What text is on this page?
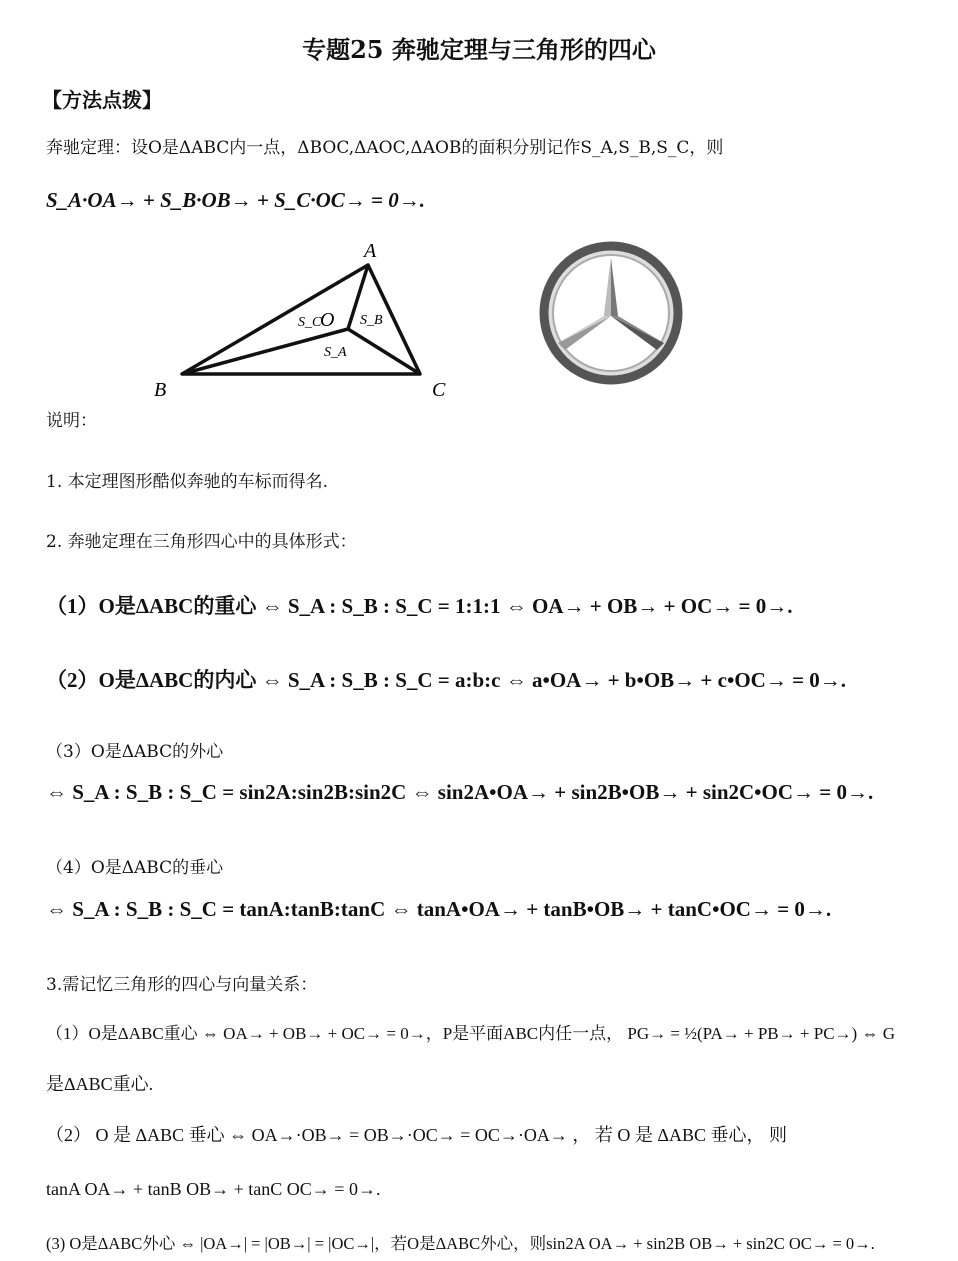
专题25 奔驰定理与三角形的四心
【方法点拨】
奔驰定理：设O是ΔABC内一点，ΔBOC,ΔAOC,ΔAOB的面积分别记作S_A,S_B,S_C，则
S_A·OA→ + S_B·OB→ + S_C·OC→ = 0→.
A
B	C
O
S_C	S_B
S_A
说明：
1. 本定理图形酷似奔驰的车标而得名.
2. 奔驰定理在三角形四心中的具体形式：
（1）O是ΔABC的重心 ⇔ S_A : S_B : S_C = 1:1:1 ⇔ OA→ + OB→ + OC→ = 0→.
（2）O是ΔABC的内心 ⇔ S_A : S_B : S_C = a:b:c ⇔ a•OA→ + b•OB→ + c•OC→ = 0→.
（3）O是ΔABC的外心
⇔ S_A : S_B : S_C = sin2A:sin2B:sin2C ⇔ sin2A•OA→ + sin2B•OB→ + sin2C•OC→ = 0→.
（4）O是ΔABC的垂心
⇔ S_A : S_B : S_C = tanA:tanB:tanC ⇔ tanA•OA→ + tanB•OB→ + tanC•OC→ = 0→.
3.需记忆三角形的四心与向量关系：
（1）O是ΔABC重心 ⇔ OA→ + OB→ + OC→ = 0→，P是平面ABC内任一点， PG→ = ½(PA→ + PB→ + PC→) ⇔ G
是ΔABC重心.
（2） O 是 ΔABC 垂心 ⇔ OA→·OB→ = OB→·OC→ = OC→·OA→ ， 若 O 是 ΔABC 垂心， 则
tanA OA→ + tanB OB→ + tanC OC→ = 0→.
(3) O是ΔABC外心 ⇔ |OA→| = |OB→| = |OC→|，若O是ΔABC外心，则sin2A OA→ + sin2B OB→ + sin2C OC→ = 0→.
